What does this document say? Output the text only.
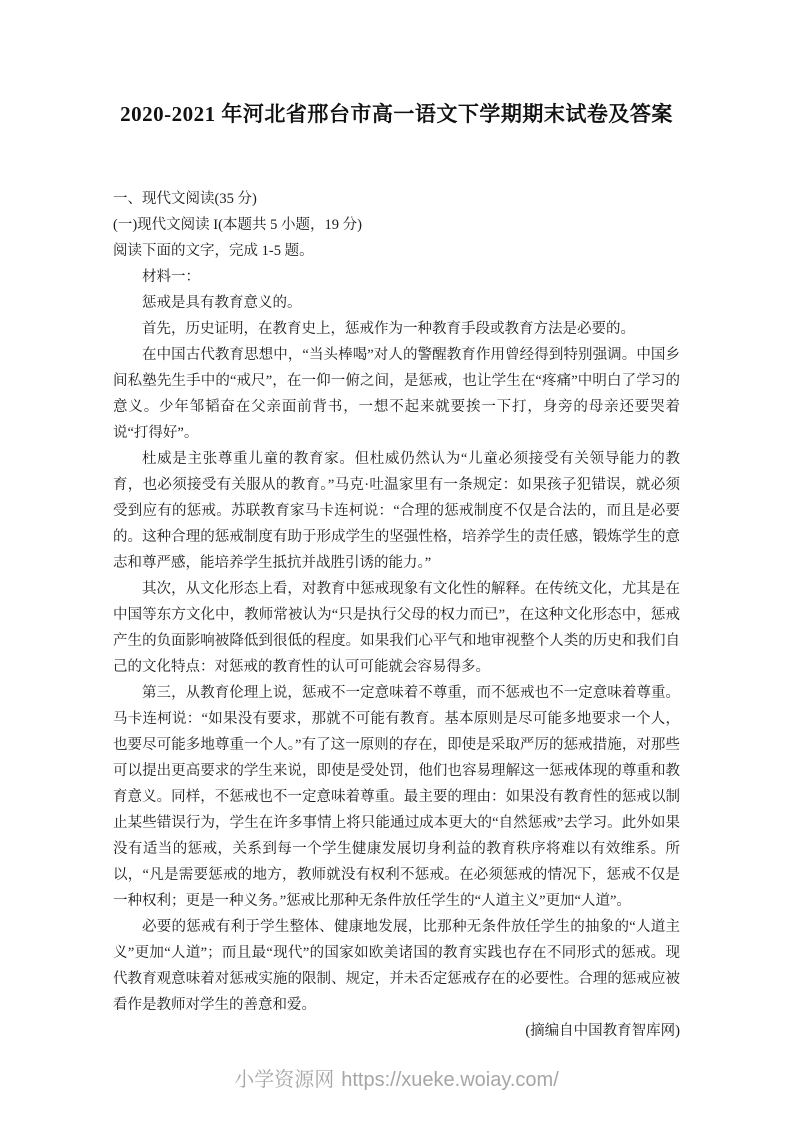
2020-2021 年河北省邢台市高一语文下学期期末试卷及答案

一、现代文阅读(35 分)

(一)现代文阅读 I(本题共 5 小题，19 分)

阅读下面的文字，完成 1-5 题。

材料一：

惩戒是具有教育意义的。

首先，历史证明，在教育史上，惩戒作为一种教育手段或教育方法是必要的。

在中国古代教育思想中，“当头棒喝”对人的警醒教育作用曾经得到特别强调。中国乡间私塾先生手中的“戒尺”，在一仰一俯之间，是惩戒，也让学生在“疼痛”中明白了学习的意义。少年邹韬奋在父亲面前背书，一想不起来就要挨一下打，身旁的母亲还要哭着说“打得好”。

杜威是主张尊重儿童的教育家。但杜威仍然认为“儿童必须接受有关领导能力的教育，也必须接受有关服从的教育。”马克·吐温家里有一条规定：如果孩子犯错误，就必须受到应有的惩戒。苏联教育家马卡连柯说：“合理的惩戒制度不仅是合法的，而且是必要的。这种合理的惩戒制度有助于形成学生的坚强性格，培养学生的责任感，锻炼学生的意志和尊严感，能培养学生抵抗并战胜引诱的能力。”

其次，从文化形态上看，对教育中惩戒现象有文化性的解释。在传统文化，尤其是在中国等东方文化中，教师常被认为“只是执行父母的权力而已”，在这种文化形态中，惩戒产生的负面影响被降低到很低的程度。如果我们心平气和地审视整个人类的历史和我们自己的文化特点：对惩戒的教育性的认可可能就会容易得多。

第三，从教育伦理上说，惩戒不一定意味着不尊重，而不惩戒也不一定意味着尊重。马卡连柯说：“如果没有要求，那就不可能有教育。基本原则是尽可能多地要求一个人，也要尽可能多地尊重一个人。”有了这一原则的存在，即使是采取严厉的惩戒措施，对那些可以提出更高要求的学生来说，即使是受处罚，他们也容易理解这一惩戒体现的尊重和教育意义。同样，不惩戒也不一定意味着尊重。最主要的理由：如果没有教育性的惩戒以制止某些错误行为，学生在许多事情上将只能通过成本更大的“自然惩戒”去学习。此外如果没有适当的惩戒，关系到每一个学生健康发展切身利益的教育秩序将难以有效维系。所以，“凡是需要惩戒的地方，教师就没有权利不惩戒。在必须惩戒的情况下，惩戒不仅是一种权利；更是一种义务。”惩戒比那种无条件放任学生的“人道主义”更加“人道”。

必要的惩戒有利于学生整体、健康地发展，比那种无条件放任学生的抽象的“人道主义”更加“人道”；而且最“现代”的国家如欧美诸国的教育实践也存在不同形式的惩戒。现代教育观意味着对惩戒实施的限制、规定，并未否定惩戒存在的必要性。合理的惩戒应被看作是教师对学生的善意和爱。

(摘编自中国教育智库网)

小学资源网 https://xueke.woiay.com/
